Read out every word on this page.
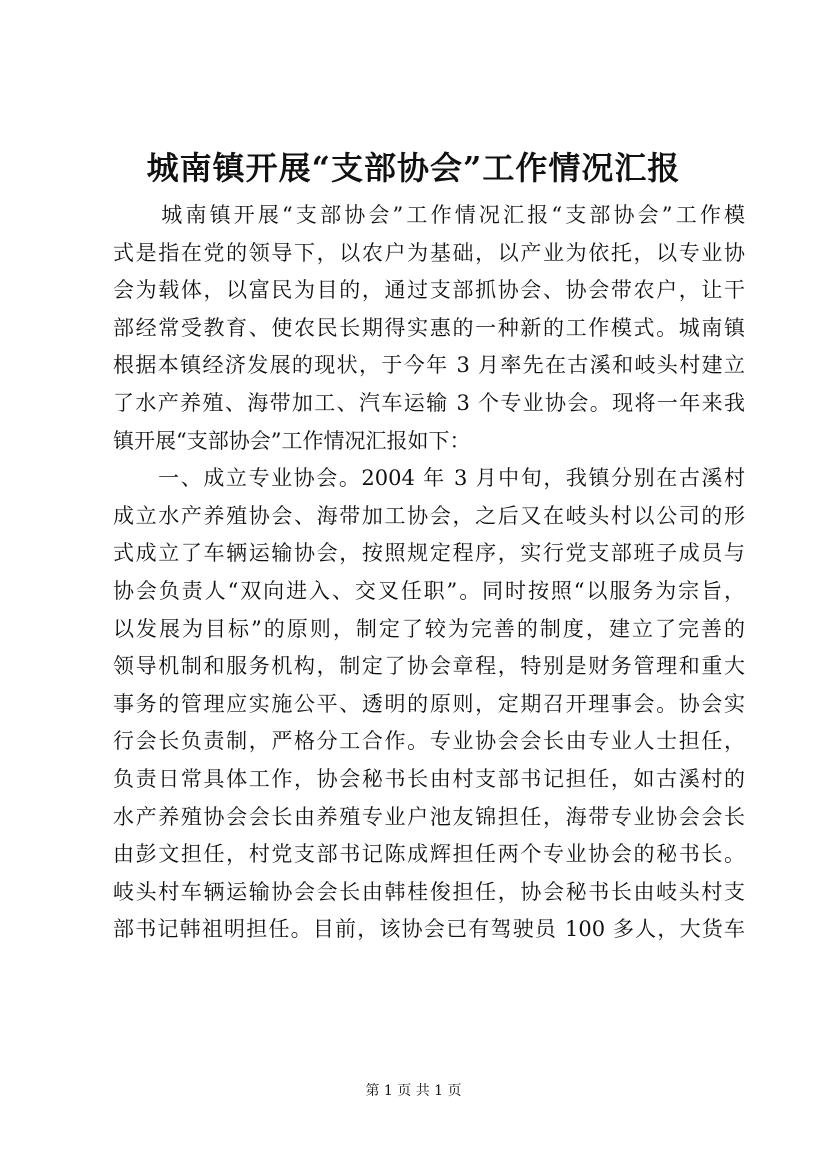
城南镇开展“支部协会”工作情况汇报
　　城南镇开展“支部协会”工作情况汇报“支部协会”工作模
式是指在党的领导下，以农户为基础，以产业为依托，以专业协
会为载体，以富民为目的，通过支部抓协会、协会带农户，让干
部经常受教育、使农民长期得实惠的一种新的工作模式。城南镇
根据本镇经济发展的现状，于今年 3 月率先在古溪和岐头村建立
了水产养殖、海带加工、汽车运输 3 个专业协会。现将一年来我
镇开展“支部协会”工作情况汇报如下：
　　一、成立专业协会。2004 年 3 月中旬，我镇分别在古溪村
成立水产养殖协会、海带加工协会，之后又在岐头村以公司的形
式成立了车辆运输协会，按照规定程序，实行党支部班子成员与
协会负责人“双向进入、交叉任职”。同时按照“以服务为宗旨，
以发展为目标”的原则，制定了较为完善的制度，建立了完善的
领导机制和服务机构，制定了协会章程，特别是财务管理和重大
事务的管理应实施公平、透明的原则，定期召开理事会。协会实
行会长负责制，严格分工合作。专业协会会长由专业人士担任，
负责日常具体工作，协会秘书长由村支部书记担任，如古溪村的
水产养殖协会会长由养殖专业户池友锦担任，海带专业协会会长
由彭文担任，村党支部书记陈成辉担任两个专业协会的秘书长。
岐头村车辆运输协会会长由韩桂俊担任，协会秘书长由岐头村支
部书记韩祖明担任。目前，该协会已有驾驶员 100 多人，大货车
第 1 页 共 1 页
